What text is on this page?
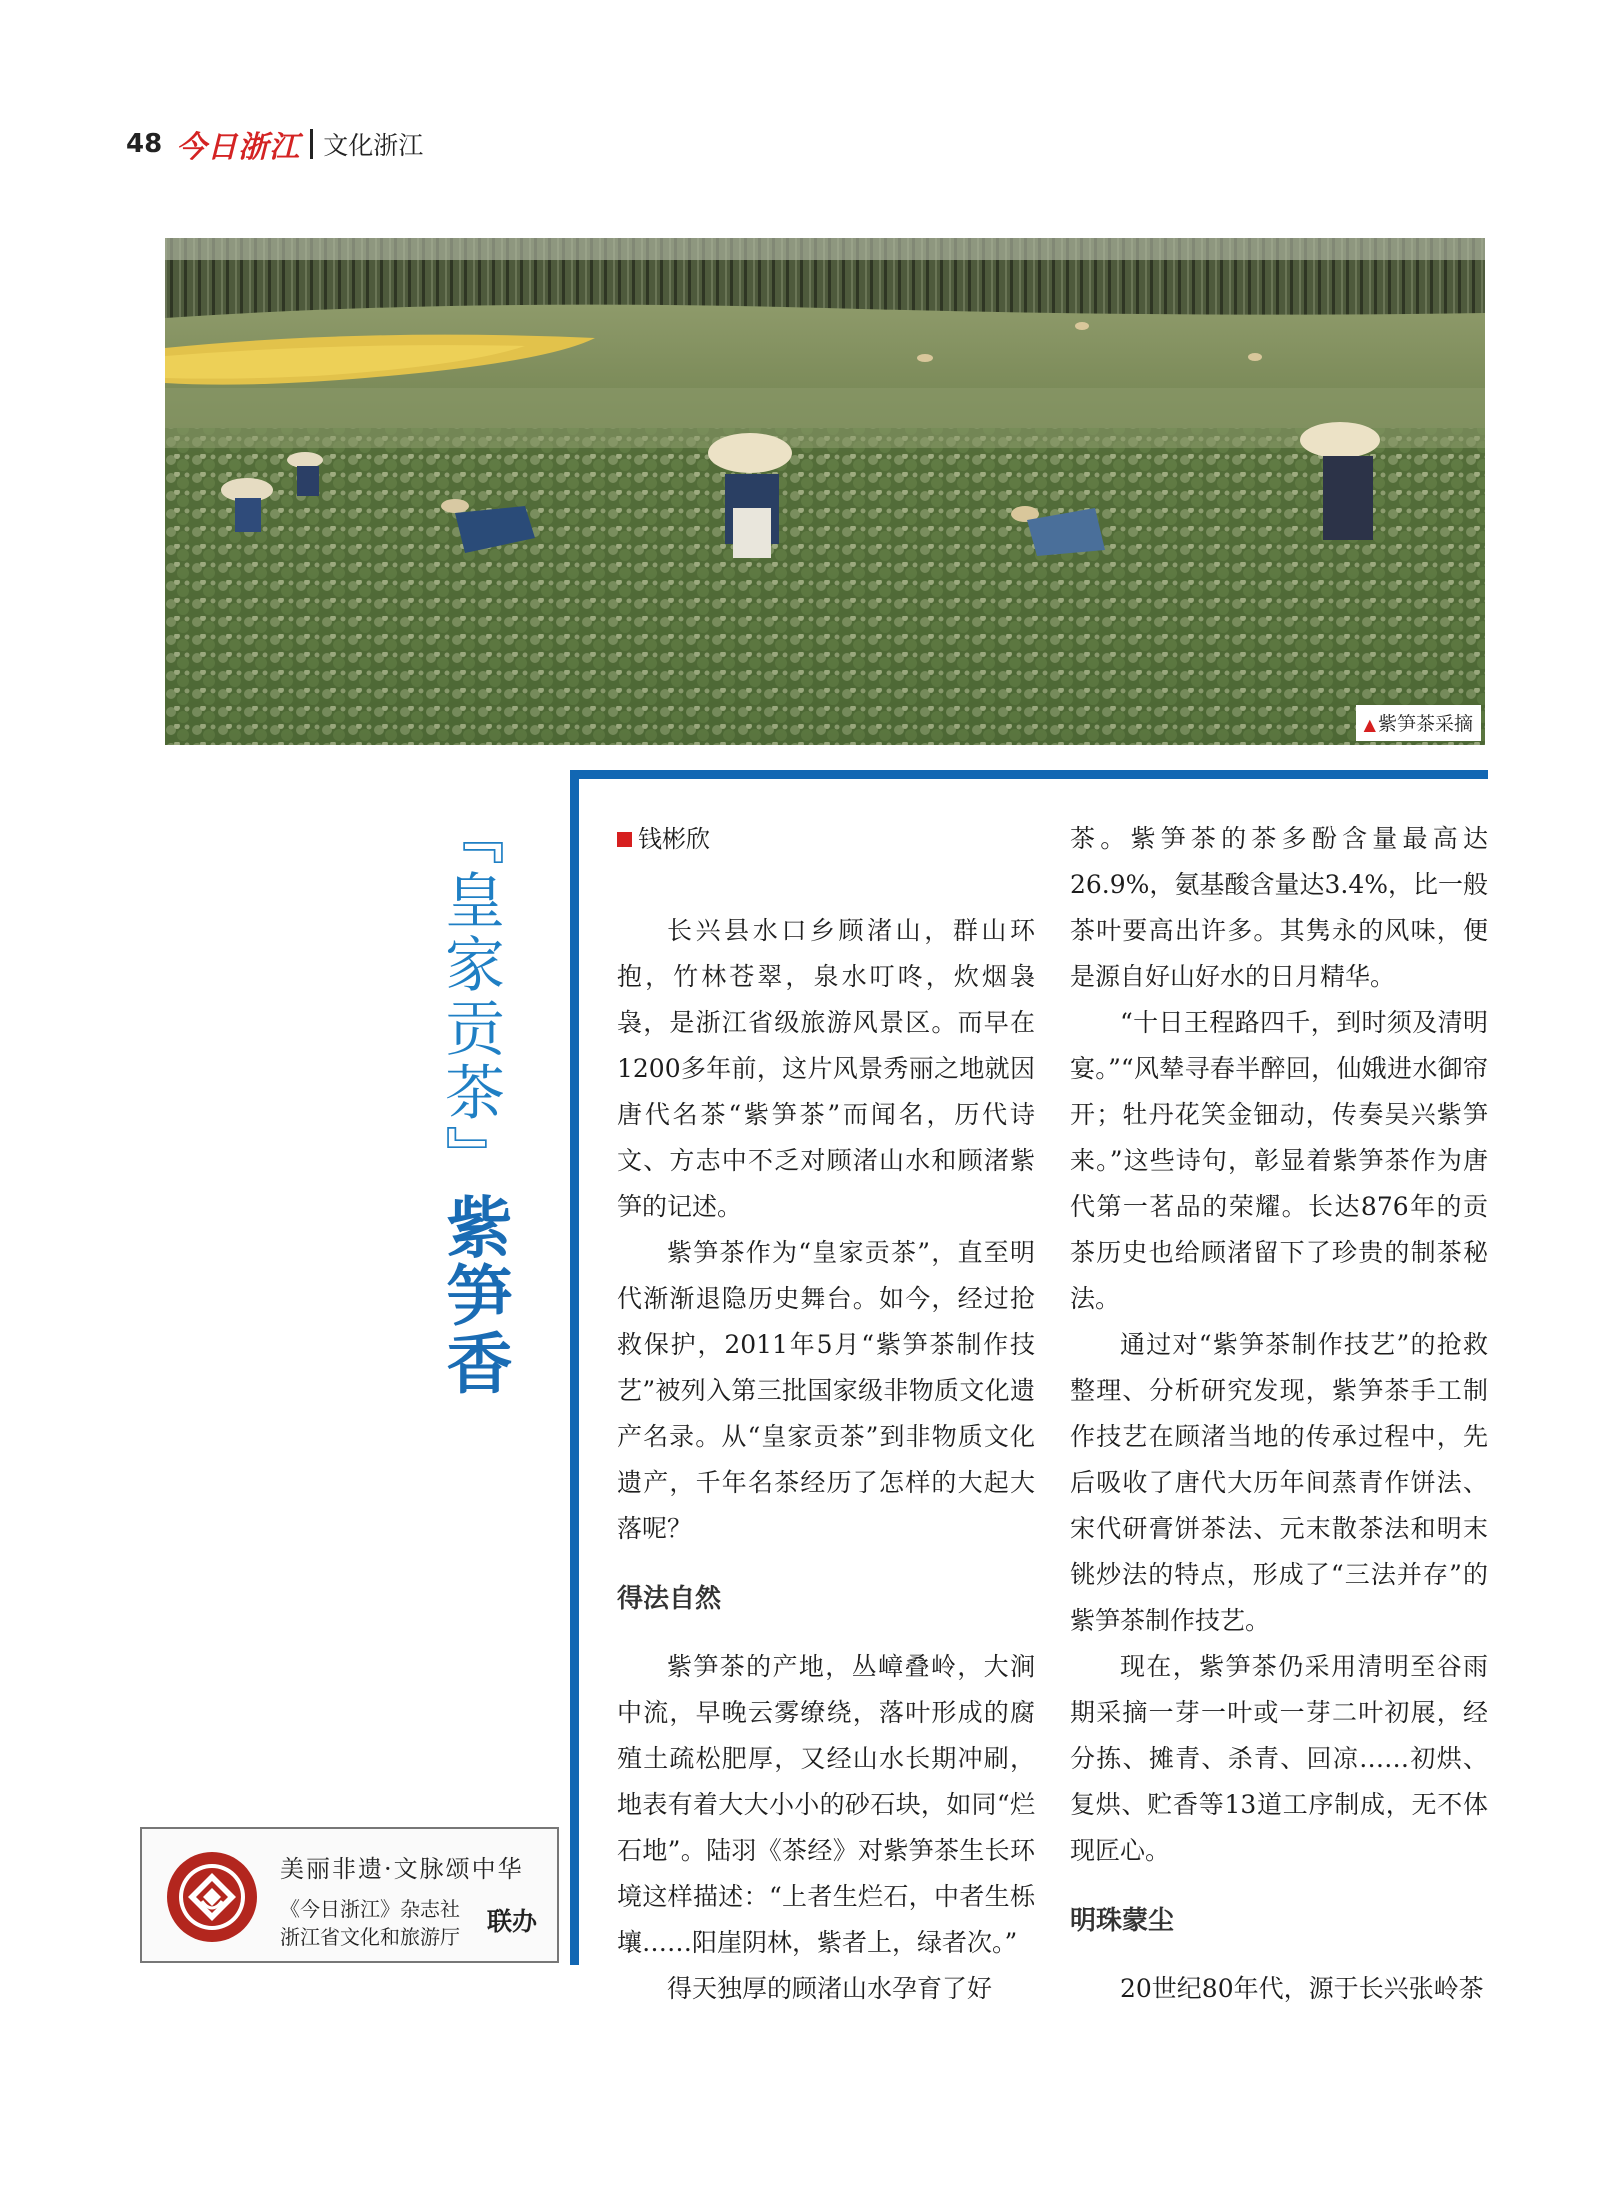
48 今日浙江 文化浙江
▲ 紫笋茶采摘
『皇家贡茶』
紫笋香
钱彬欣

长兴县水口乡顾渚山，群山环抱，竹林苍翠，泉水叮咚，炊烟袅袅，是浙江省级旅游风景区。而早在1200多年前，这片风景秀丽之地就因唐代名茶“紫笋茶”而闻名，历代诗文、方志中不乏对顾渚山水和顾渚紫笋的记述。

紫笋茶作为“皇家贡茶”，直至明代渐渐退隐历史舞台。如今，经过抢救保护，2011年5月“紫笋茶制作技艺”被列入第三批国家级非物质文化遗产名录。从“皇家贡茶”到非物质文化遗产，千年名茶经历了怎样的大起大落呢？

得法自然

紫笋茶的产地，丛嶂叠岭，大涧中流，早晚云雾缭绕，落叶形成的腐殖土疏松肥厚，又经山水长期冲刷，地表有着大大小小的砂石块，如同“烂石地”。陆羽《茶经》对紫笋茶生长环境这样描述：“上者生烂石，中者生栎壤……阳崖阴林，紫者上，绿者次。”

得天独厚的顾渚山水孕育了好

茶。紫笋茶的茶多酚含量最高达26.9%，氨基酸含量达3.4%，比一般茶叶要高出许多。其隽永的风味，便是源自好山好水的日月精华。

“十日王程路四千，到时须及清明宴。”“风辇寻春半醉回，仙娥进水御帘开；牡丹花笑金钿动，传奏吴兴紫笋来。”这些诗句，彰显着紫笋茶作为唐代第一茗品的荣耀。长达876年的贡茶历史也给顾渚留下了珍贵的制茶秘法。

通过对“紫笋茶制作技艺”的抢救整理、分析研究发现，紫笋茶手工制作技艺在顾渚当地的传承过程中，先后吸收了唐代大历年间蒸青作饼法、宋代研膏饼茶法、元末散茶法和明末铫炒法的特点，形成了“三法并存”的紫笋茶制作技艺。

现在，紫笋茶仍采用清明至谷雨期采摘一芽一叶或一芽二叶初展，经分拣、摊青、杀青、回凉……初烘、复烘、贮香等13道工序制成，无不体现匠心。

明珠蒙尘

20世纪80年代，源于长兴张岭茶

美丽非遗·文脉颂中华
《今日浙江》杂志社
浙江省文化和旅游厅
联办
